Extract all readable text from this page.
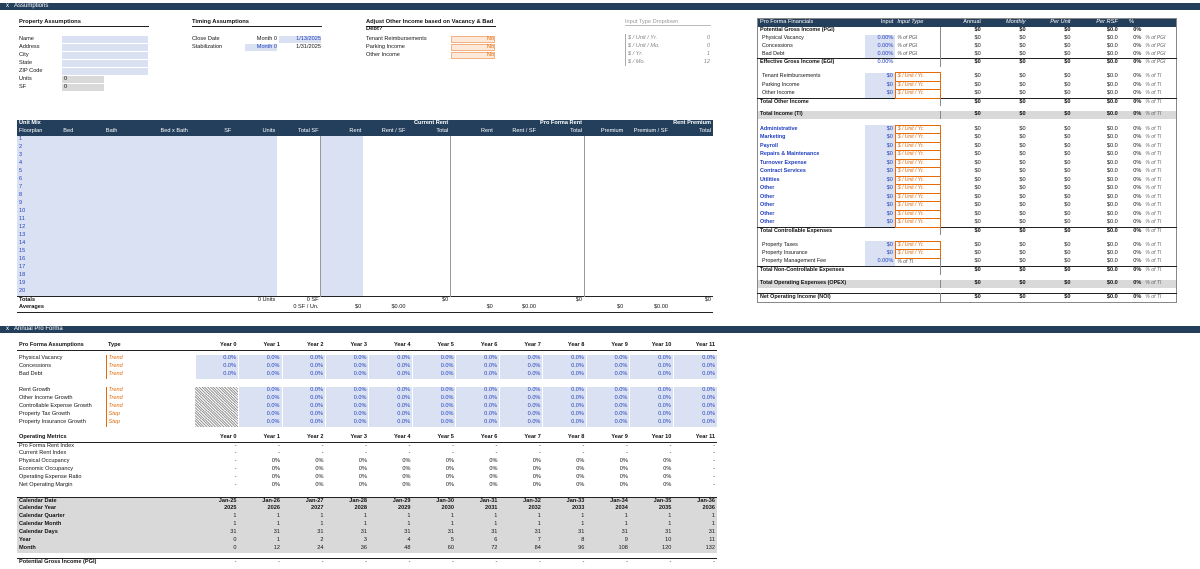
x Assumptions
x Annual Pro Forma
Property Assumptions
Name
Address
City
State
ZIP Code
Units	0
SF	0
Timing Assumptions
Close Date	Month 0	1/13/2025
Stabilization	Month 0	1/31/2025
Adjust Other Income based on Vacancy & Bad Debt?
Tenant Reimbursements	No
Parking Income	No
Other Income	No
Input Type Dropdown
$ / Unit / Yr.	0
$ / Unit / Mo.	0
$ / Yr.	1
$ / Mo.	12
Unit Mix									Current Rent			Pro Forma Rent			Rent Premium
Floorplan	Bed	Bath	Bed x Bath	SF	Units	Total SF	Rent	Rent / SF	Total	Rent	Rent / SF	Total	Premium	Premium / SF	Total
1															
2															
3															
4															
5															
6															
7															
8															
9															
10															
11															
12															
13															
14															
15															
16															
17															
18															
19															
20															
Totals					0 Units	0 SF			$0			$0			$0
Averages						0 SF / Un.	$0	$0.00		$0	$0.00		$0	$0.00	
Pro Forma Financials	Input	Input Type	Annual	Monthly	Per Unit	Per RSF	%	
Potential Gross Income (PGI)			$0	$0	$0	$0.0	0%	
Physical Vacancy	0.00%	% of PGI	$0	$0	$0	$0.0	0%	% of PGI
Concessions	0.00%	% of PGI	$0	$0	$0	$0.0	0%	% of PGI
Bad Debt	0.00%	% of PGI	$0	$0	$0	$0.0	0%	% of PGI
Effective Gross Income (EGI)	0.00%		$0	$0	$0	$0.0	0%	% of PGI

Tenant Reimbursements	$0	$ / Unit / Yr.	$0	$0	$0	$0.0	0%	% of TI
Parking Income	$0	$ / Unit / Yr.	$0	$0	$0	$0.0	0%	% of TI
Other Income	$0	$ / Unit / Yr.	$0	$0	$0	$0.0	0%	% of TI
Total Other Income			$0	$0	$0	$0.0	0%	% of TI

Total Income (TI)			$0	$0	$0	$0.0	0%	% of TI

Administrative	$0	$ / Unit / Yr.	$0	$0	$0	$0.0	0%	% of TI
Marketing	$0	$ / Unit / Yr.	$0	$0	$0	$0.0	0%	% of TI
Payroll	$0	$ / Unit / Yr.	$0	$0	$0	$0.0	0%	% of TI
Repairs & Maintenance	$0	$ / Unit / Yr.	$0	$0	$0	$0.0	0%	% of TI
Turnover Expense	$0	$ / Unit / Yr.	$0	$0	$0	$0.0	0%	% of TI
Contract Services	$0	$ / Unit / Yr.	$0	$0	$0	$0.0	0%	% of TI
Utilities	$0	$ / Unit / Yr.	$0	$0	$0	$0.0	0%	% of TI
Other	$0	$ / Unit / Yr.	$0	$0	$0	$0.0	0%	% of TI
Other	$0	$ / Unit / Yr.	$0	$0	$0	$0.0	0%	% of TI
Other	$0	$ / Unit / Yr.	$0	$0	$0	$0.0	0%	% of TI
Other	$0	$ / Unit / Yr.	$0	$0	$0	$0.0	0%	% of TI
Other	$0	$ / Unit / Yr.	$0	$0	$0	$0.0	0%	% of TI
Total Controllable Expenses			$0	$0	$0	$0.0	0%	% of TI

Property Taxes	$0	$ / Unit / Yr.	$0	$0	$0	$0.0	0%	% of TI
Property Insurance	$0	$ / Unit / Yr.	$0	$0	$0	$0.0	0%	% of TI
Property Management Fee	0.00%	% of TI	$0	$0	$0	$0.0	0%	% of TI
Total Non-Controllable Expenses			$0	$0	$0	$0.0	0%	% of TI

Total Operating Expenses (OPEX)			$0	$0	$0	$0.0	0%	% of TI

Net Operating Income (NOI)			$0	$0	$0	$0.0	0%	% of TI
Pro Forma Assumptions	Type	Year 0	Year 1	Year 2	Year 3	Year 4	Year 5	Year 6	Year 7	Year 8	Year 9	Year 10	Year 11

Physical Vacancy	Trend	0.0%	0.0%	0.0%	0.0%	0.0%	0.0%	0.0%	0.0%	0.0%	0.0%	0.0%	0.0%
Concessions	Trend	0.0%	0.0%	0.0%	0.0%	0.0%	0.0%	0.0%	0.0%	0.0%	0.0%	0.0%	0.0%
Bad Debt	Trend	0.0%	0.0%	0.0%	0.0%	0.0%	0.0%	0.0%	0.0%	0.0%	0.0%	0.0%	0.0%

Rent Growth	Trend		0.0%	0.0%	0.0%	0.0%	0.0%	0.0%	0.0%	0.0%	0.0%	0.0%	0.0%
Other Income Growth	Trend		0.0%	0.0%	0.0%	0.0%	0.0%	0.0%	0.0%	0.0%	0.0%	0.0%	0.0%
Controllable Expense Growth	Trend		0.0%	0.0%	0.0%	0.0%	0.0%	0.0%	0.0%	0.0%	0.0%	0.0%	0.0%
Property Tax Growth	Step		0.0%	0.0%	0.0%	0.0%	0.0%	0.0%	0.0%	0.0%	0.0%	0.0%	0.0%
Property Insurance Growth	Step		0.0%	0.0%	0.0%	0.0%	0.0%	0.0%	0.0%	0.0%	0.0%	0.0%	0.0%

Operating Metrics		Year 0	Year 1	Year 2	Year 3	Year 4	Year 5	Year 6	Year 7	Year 8	Year 9	Year 10	Year 11
Pro Forma Rent Index		-	-	-	-	-	-	-	-	-	-	-	-
Current Rent Index		-	-	-	-	-	-	-	-	-	-	-	-
Physical Occupancy		-	0%	0%	0%	0%	0%	0%	0%	0%	0%	0%	-
Economic Occupancy		-	0%	0%	0%	0%	0%	0%	0%	0%	0%	0%	-
Operating Expense Ratio		-	0%	0%	0%	0%	0%	0%	0%	0%	0%	0%	-
Net Operating Margin		-	0%	0%	0%	0%	0%	0%	0%	0%	0%	0%	-

Calendar Date		Jan-25	Jan-26	Jan-27	Jan-28	Jan-29	Jan-30	Jan-31	Jan-32	Jan-33	Jan-34	Jan-35	Jan-36
Calendar Year		2025	2026	2027	2028	2029	2030	2031	2032	2033	2034	2035	2036
Calendar Quarter		1	1	1	1	1	1	1	1	1	1	1	1
Calendar Month		1	1	1	1	1	1	1	1	1	1	1	1
Calendar Days		31	31	31	31	31	31	31	31	31	31	31	31
Year		0	1	2	3	4	5	6	7	8	9	10	11
Month		0	12	24	36	48	60	72	84	96	108	120	132

Potential Gross Income (PGI)		-	-	-	-	-	-	-	-	-	-	-	-
